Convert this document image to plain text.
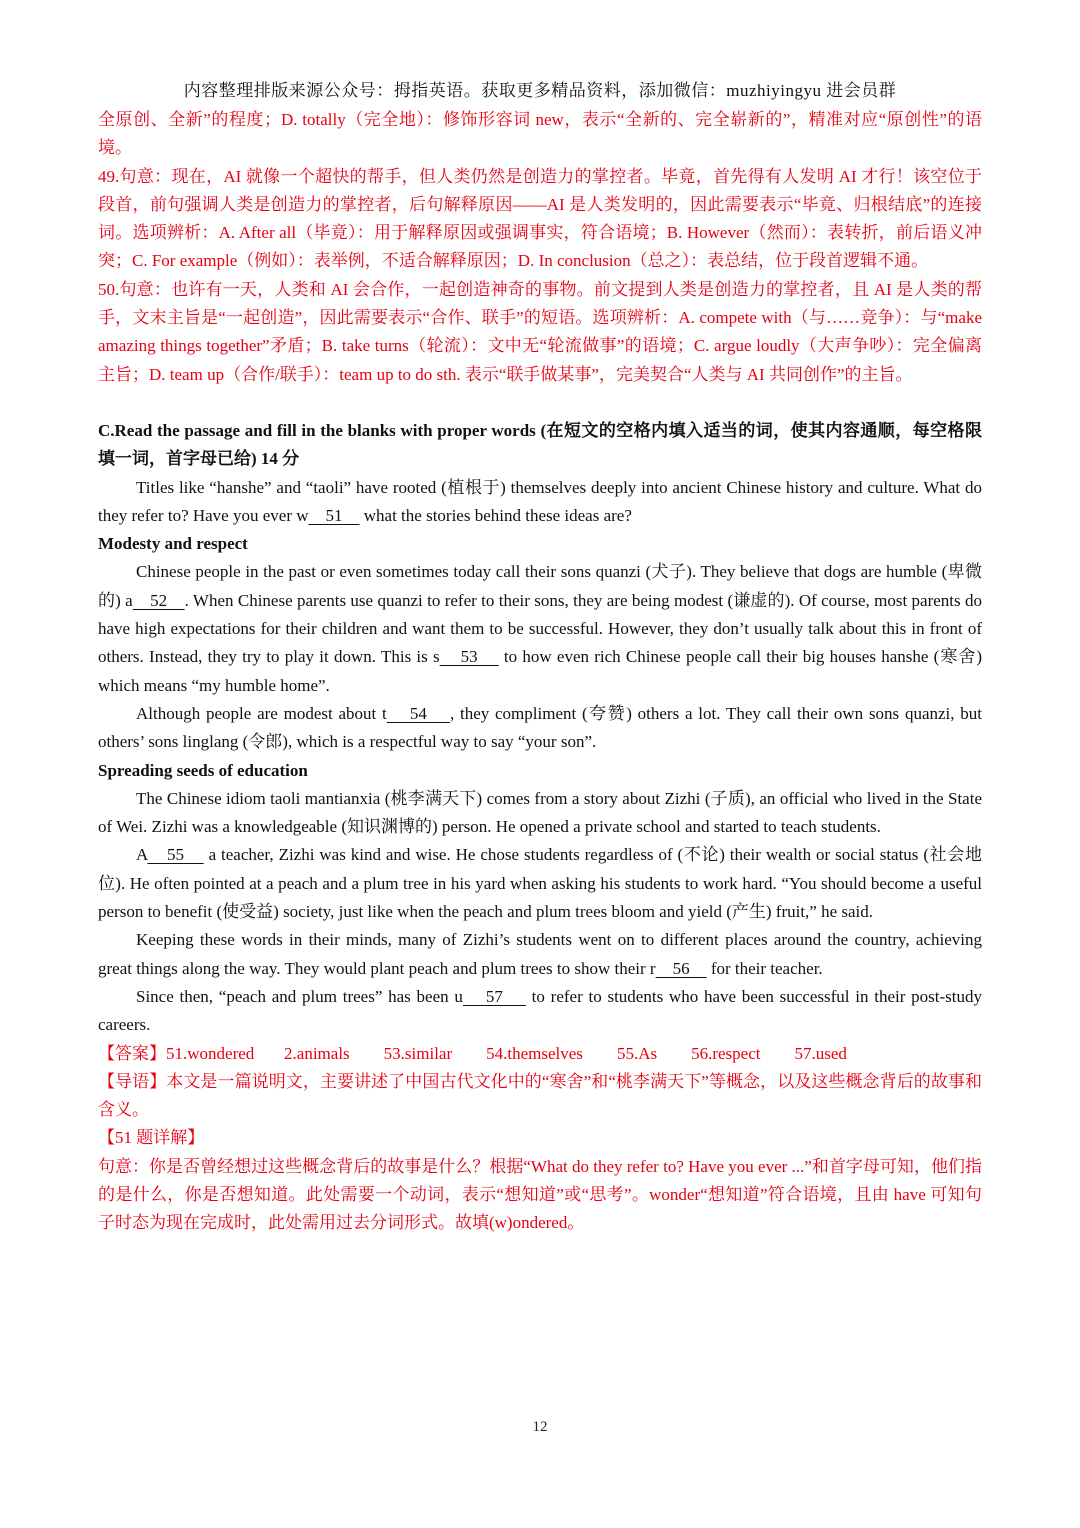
内容整理排版来源公众号：拇指英语。获取更多精品资料，添加微信：muzhiyingyu 进会员群

全原创、全新”的程度；D. totally（完全地）：修饰形容词 new，表示“全新的、完全崭新的”，精准对应“原创性”的语境。

49.句意：现在，AI 就像一个超快的帮手，但人类仍然是创造力的掌控者。毕竟，首先得有人发明 AI 才行！该空位于段首，前句强调人类是创造力的掌控者，后句解释原因——AI 是人类发明的，因此需要表示“毕竟、归根结底”的连接词。选项辨析：A. After all（毕竟）：用于解释原因或强调事实，符合语境；B. However（然而）：表转折，前后语义冲突；C. For example（例如）：表举例，不适合解释原因；D. In conclusion（总之）：表总结，位于段首逻辑不通。

50.句意：也许有一天，人类和 AI 会合作，一起创造神奇的事物。前文提到人类是创造力的掌控者，且 AI 是人类的帮手，文末主旨是“一起创造”，因此需要表示“合作、联手”的短语。选项辨析：A. compete with（与……竞争）：与“make amazing things together”矛盾；B. take turns（轮流）：文中无“轮流做事”的语境；C. argue loudly（大声争吵）：完全偏离主旨；D. team up（合作/联手）：team up to do sth. 表示“联手做某事”，完美契合“人类与 AI 共同创作”的主旨。

C.Read the passage and fill in the blanks with proper words (在短文的空格内填入适当的词，使其内容通顺，每空格限填一词，首字母已给) 14 分

Titles like “hanshe” and “taoli” have rooted (植根于) themselves deeply into ancient Chinese history and culture. What do they refer to? Have you ever w    51     what the stories behind these ideas are?

Modesty and respect

Chinese people in the past or even sometimes today call their sons quanzi (犬子). They believe that dogs are humble (卑微的) a    52    . When Chinese parents use quanzi to refer to their sons, they are being modest (谦虚的). Of course, most parents do have high expectations for their children and want them to be successful. However, they don’t usually talk about this in front of others. Instead, they try to play it down. This is s    53     to how even rich Chinese people call their big houses hanshe (寒舍) which means “my humble home”.

Although people are modest about t    54    , they compliment (夸赞) others a lot. They call their own sons quanzi, but others’ sons linglang (令郎), which is a respectful way to say “your son”.

Spreading seeds of education

The Chinese idiom taoli mantianxia (桃李满天下) comes from a story about Zizhi (子质), an official who lived in the State of Wei. Zizhi was a knowledgeable (知识渊博的) person. He opened a private school and started to teach students.

A    55     a teacher, Zizhi was kind and wise. He chose students regardless of (不论) their wealth or social status (社会地位). He often pointed at a peach and a plum tree in his yard when asking his students to work hard. “You should become a useful person to benefit (使受益) society, just like when the peach and plum trees bloom and yield (产生) fruit,” he said.

Keeping these words in their minds, many of Zizhi’s students went on to different places around the country, achieving great things along the way. They would plant peach and plum trees to show their r    56     for their teacher.

Since then, “peach and plum trees” has been u    57     to refer to students who have been successful in their post-study careers.

【答案】51.wondered 2.animals 53.similar 54.themselves 55.As 56.respect 57.used

【导语】本文是一篇说明文，主要讲述了中国古代文化中的“寒舍”和“桃李满天下”等概念，以及这些概念背后的故事和含义。

【51 题详解】

句意：你是否曾经想过这些概念背后的故事是什么？根据“What do they refer to? Have you ever ...”和首字母可知，他们指的是什么，你是否想知道。此处需要一个动词，表示“想知道”或“思考”。wonder“想知道”符合语境，且由 have 可知句子时态为现在完成时，此处需用过去分词形式。故填(w)ondered。

12
